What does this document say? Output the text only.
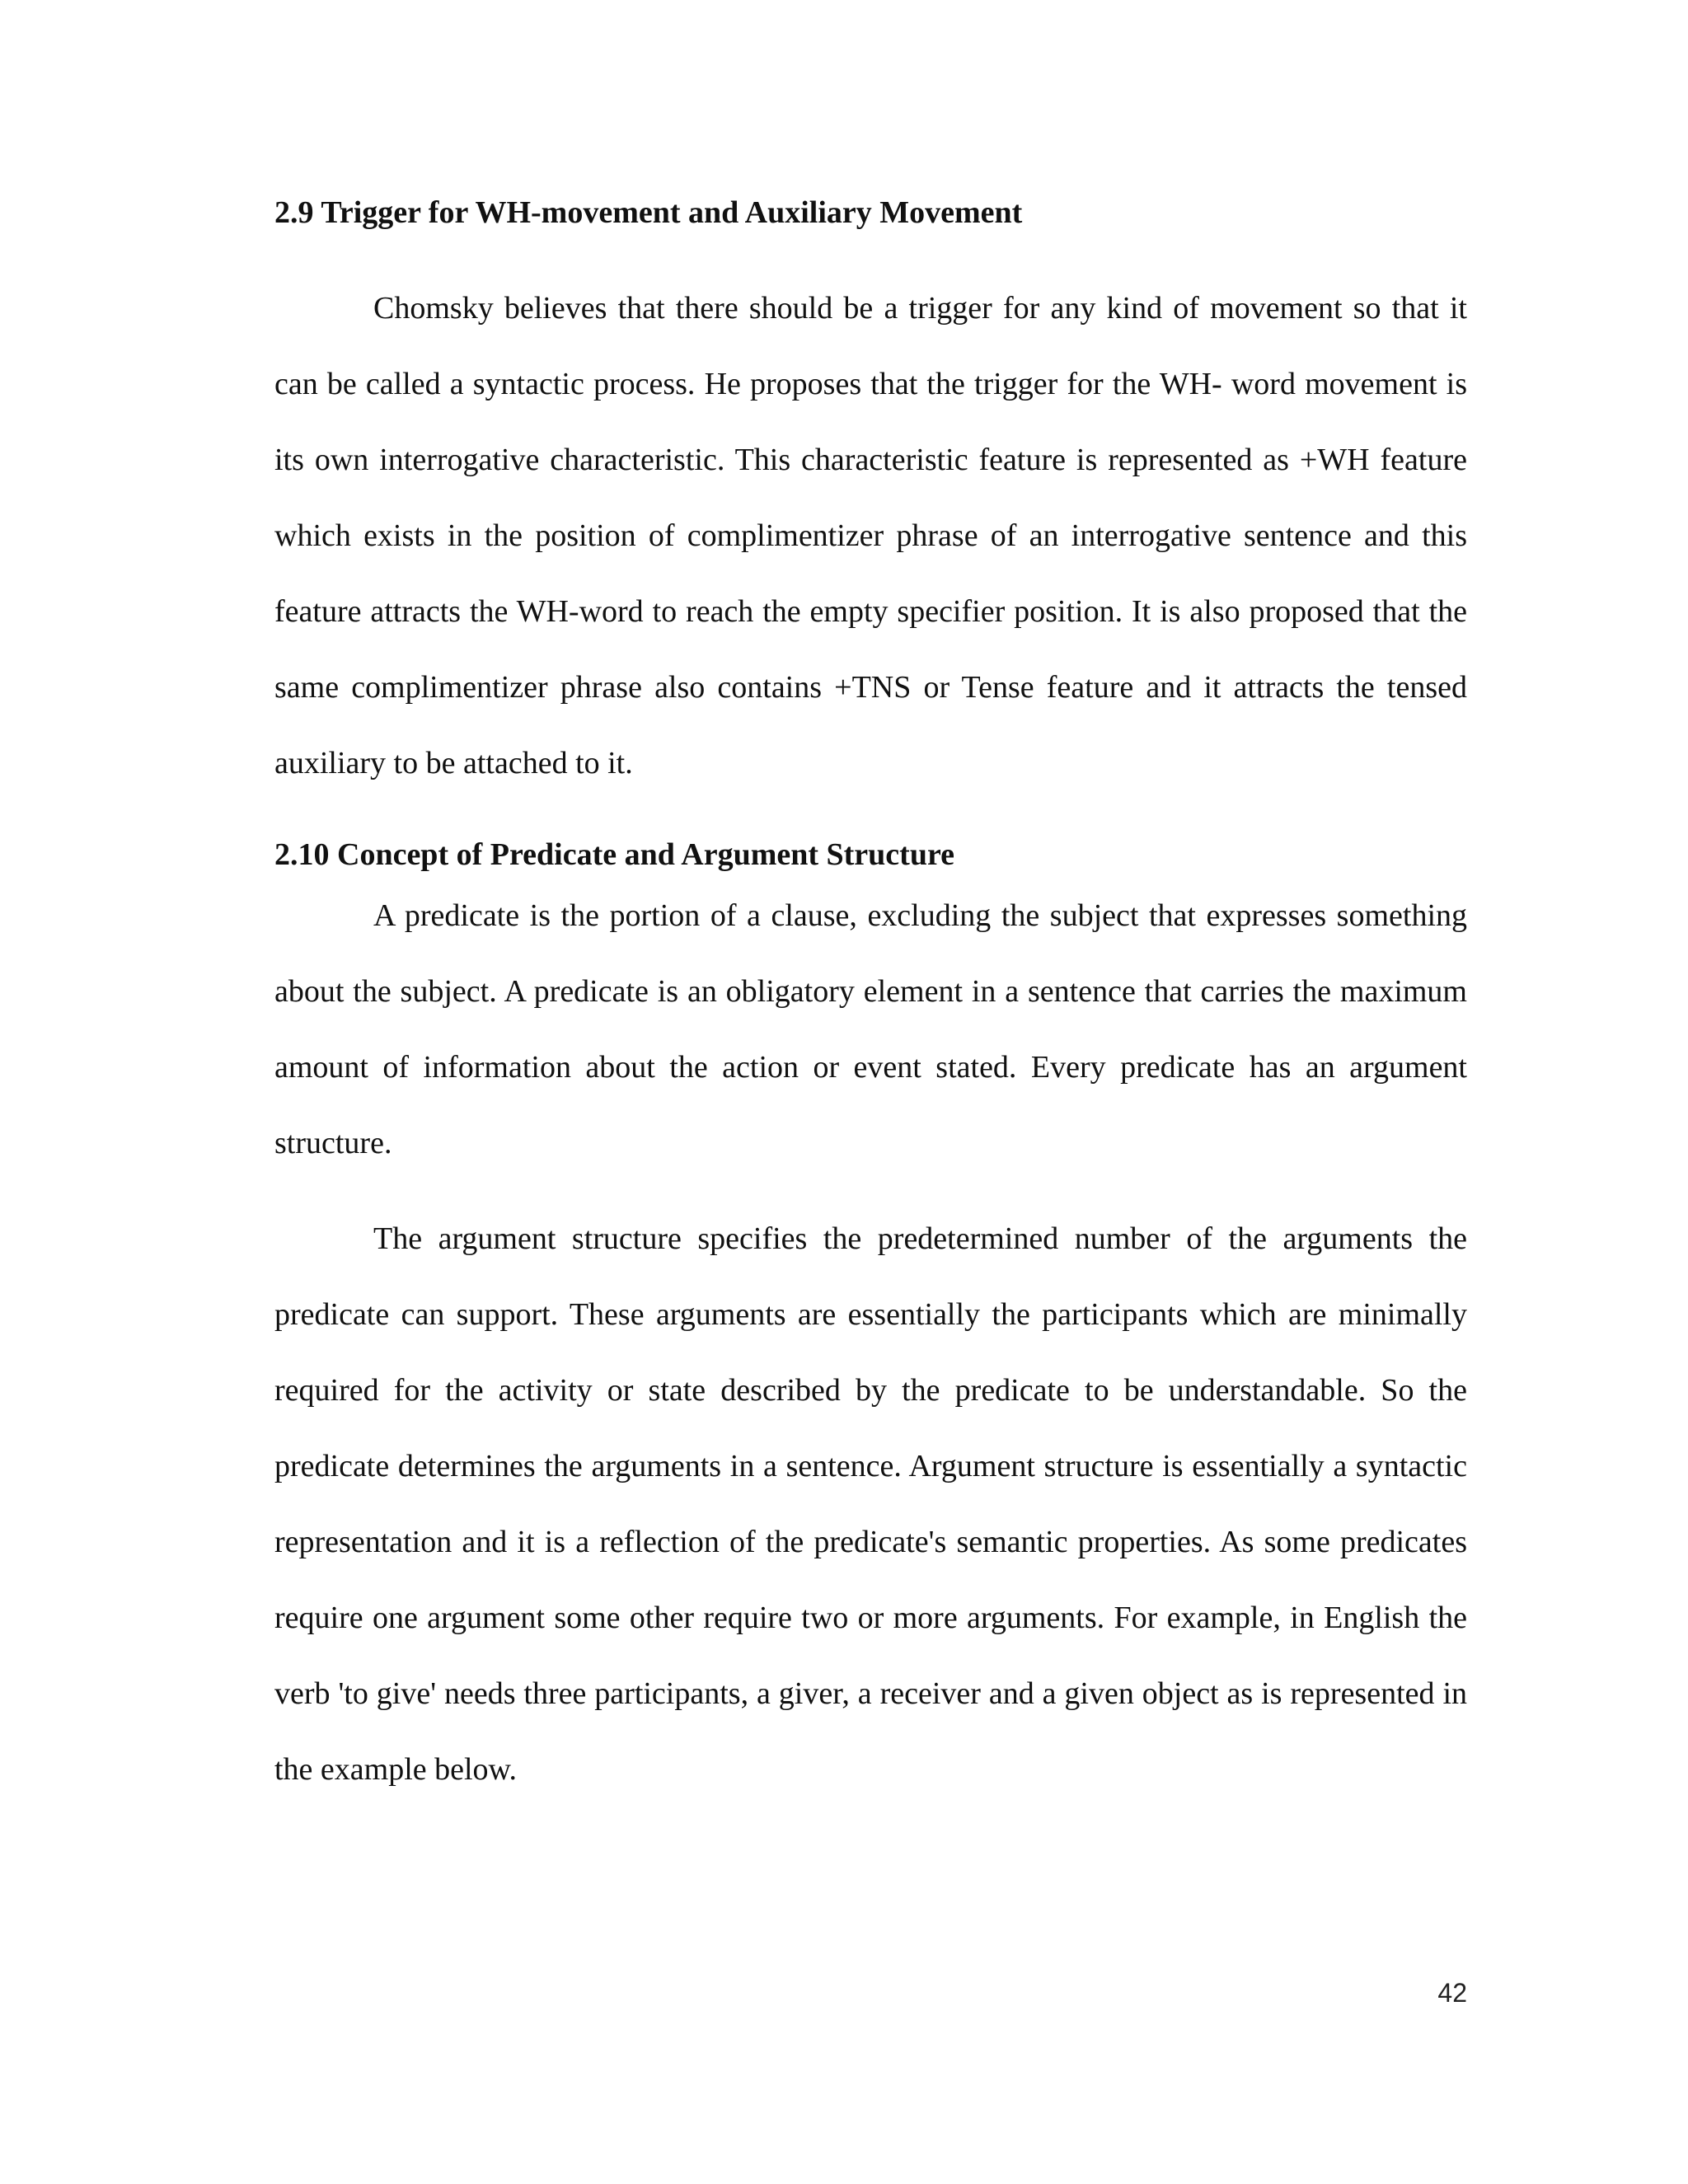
2.9 Trigger for WH-movement and Auxiliary Movement

Chomsky believes that there should be a trigger for any kind of movement so that it can be called a syntactic process. He proposes that the trigger for the WH- word movement is its own interrogative characteristic. This characteristic feature is represented as +WH feature which exists in the position of complimentizer phrase of an interrogative sentence and this feature attracts the WH-word to reach the empty specifier position. It is also proposed that the same complimentizer phrase also contains +TNS or Tense feature and it attracts the tensed auxiliary to be attached to it.

2.10 Concept of Predicate and Argument Structure

A predicate is the portion of a clause, excluding the subject that expresses something about the subject. A predicate is an obligatory element in a sentence that carries the maximum amount of information about the action or event stated. Every predicate has an argument structure.

The argument structure specifies the predetermined number of the arguments the predicate can support. These arguments are essentially the participants which are minimally required for the activity or state described by the predicate to be understandable. So the predicate determines the arguments in a sentence. Argument structure is essentially a syntactic representation and it is a reflection of the predicate's semantic properties. As some predicates require one argument some other require two or more arguments. For example, in English the verb 'to give' needs three participants, a giver, a receiver and a given object as is represented in the example below.

42
